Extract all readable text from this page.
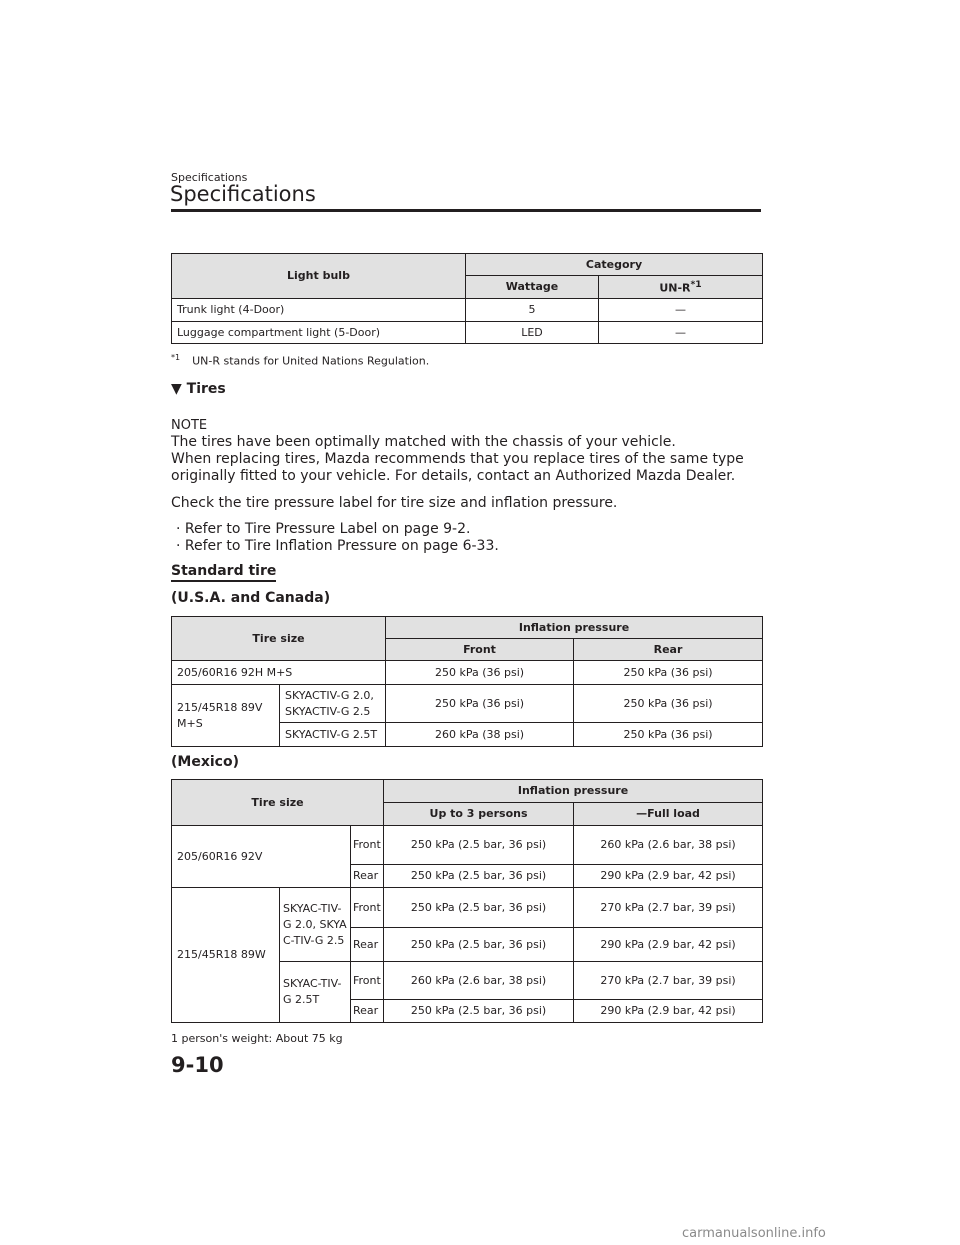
Specifications
Specifications
Light bulb	Category	
	Wattage	$UN-R^{*1}$
Trunk light (4-Door)	5	—
Luggage compartment light (5-Door)	LED	—
$^{*1}$ UN-R stands for United Nations Regulation.
▼ Tires
NOTE
The tires have been optimally matched with the chassis of your vehicle.
When replacing tires, Mazda recommends that you replace tires of the same type
originally fitted to your vehicle. For details, contact an Authorized Mazda Dealer.
Check the tire pressure label for tire size and inflation pressure.
· Refer to Tire Pressure Label on page 9-2.
· Refer to Tire Inflation Pressure on page 6-33.
Standard tire
(U.S.A. and Canada)
Tire size		Inflation pressure	
		Front	Rear
205/60R16 92H M+S		250 kPa (36 psi)	250 kPa (36 psi)
215/45R18 89V M+S	SKYACTIV-G 2.0, SKYACTIV-G 2.5	250 kPa (36 psi)	250 kPa (36 psi)
	SKYACTIV-G 2.5T	260 kPa (38 psi)	250 kPa (36 psi)
(Mexico)
Tire size			Inflation pressure	
			Up to 3 persons	—Full load
205/60R16 92V		Front	250 kPa (2.5 bar, 36 psi)	260 kPa (2.6 bar, 38 psi)
		Rear	250 kPa (2.5 bar, 36 psi)	290 kPa (2.9 bar, 42 psi)
215/45R18 89W	SKYAC-TIV-G 2.0, SKYAC-TIV-G 2.5	Front	250 kPa (2.5 bar, 36 psi)	270 kPa (2.7 bar, 39 psi)
		Rear	250 kPa (2.5 bar, 36 psi)	290 kPa (2.9 bar, 42 psi)
	SKYAC-TIV-G 2.5T	Front	260 kPa (2.6 bar, 38 psi)	270 kPa (2.7 bar, 39 psi)
		Rear	250 kPa (2.5 bar, 36 psi)	290 kPa (2.9 bar, 42 psi)
1 person's weight: About 75 kg
9-10
carmanualsonline.info
